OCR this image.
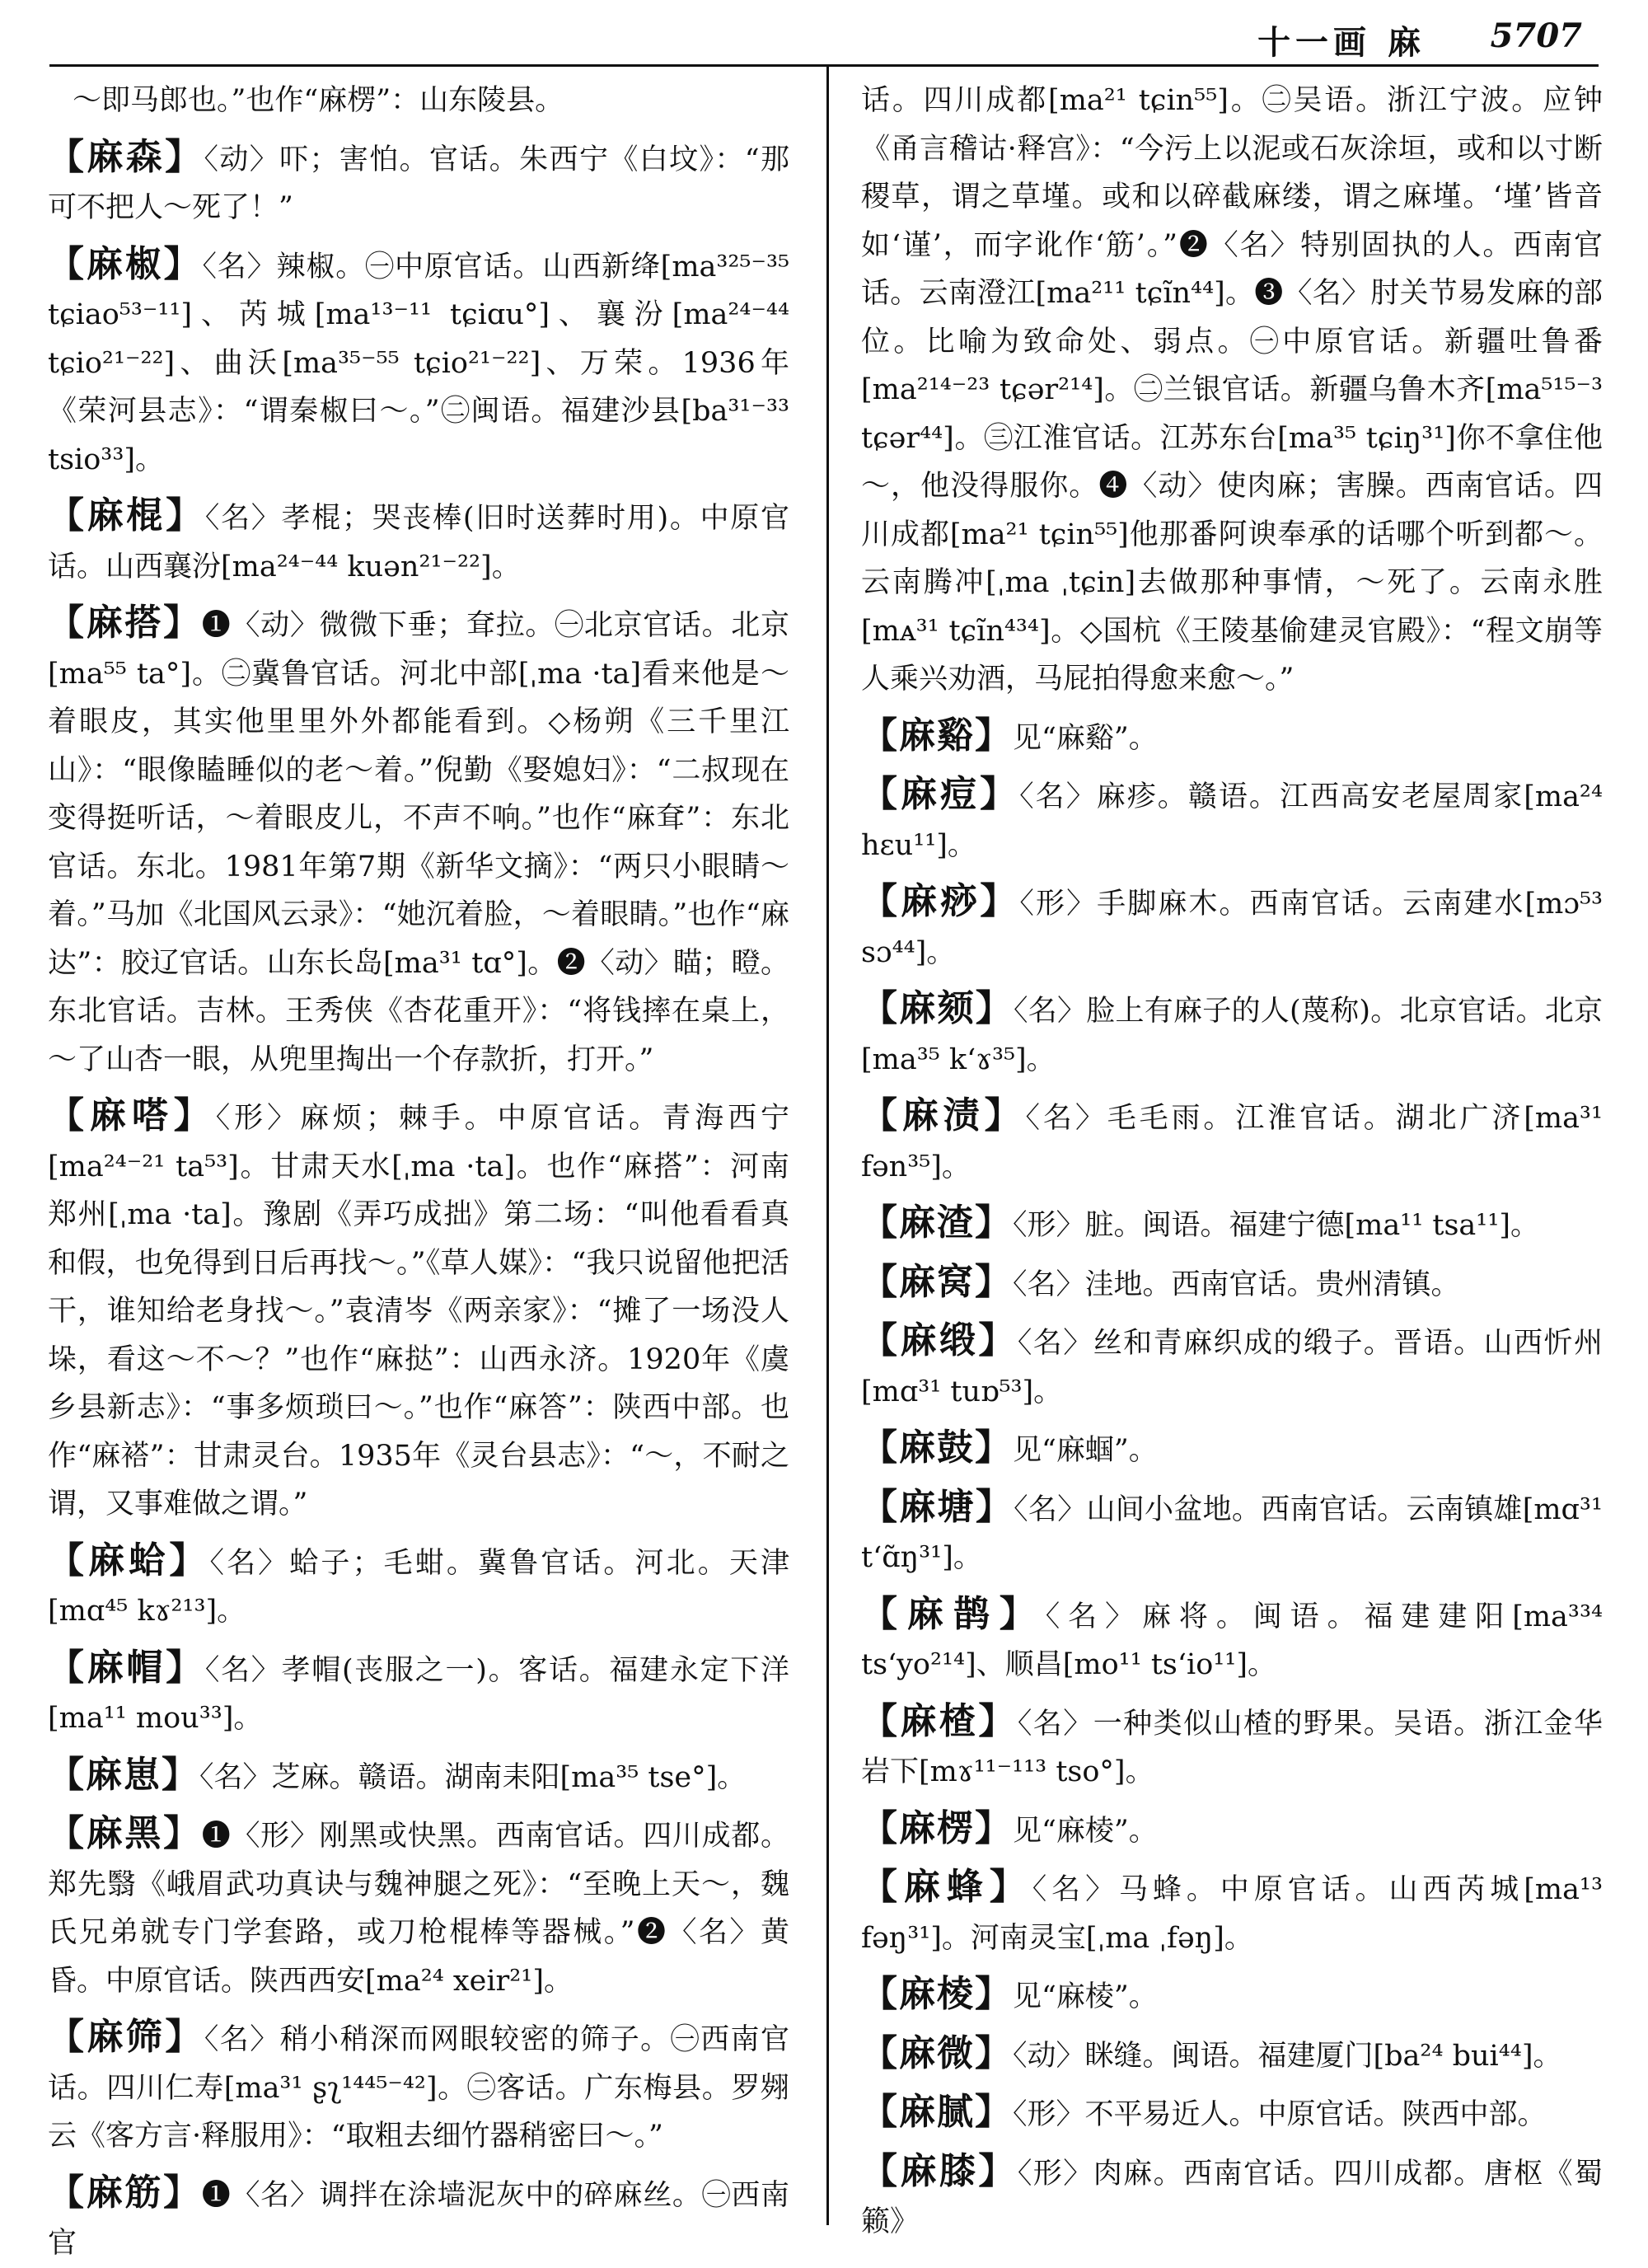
十一画 麻 5707

～即马郎也。”也作“麻楞”：山东陵县。

【麻森】〈动〉吓；害怕。官话。朱西宁《白坟》：“那可不把人～死了！”

【麻椒】〈名〉辣椒。㊀中原官话。山西新绛[ma³²⁵⁻³⁵ tɕiao⁵³⁻¹¹]、芮城[ma¹³⁻¹¹ tɕiɑu°]、襄汾[ma²⁴⁻⁴⁴ tɕio²¹⁻²²]、曲沃[ma³⁵⁻⁵⁵ tɕio²¹⁻²²]、万荣。1936年《荣河县志》：“谓秦椒曰～。”㊁闽语。福建沙县[ba³¹⁻³³ tsio³³]。

【麻棍】〈名〉孝棍；哭丧棒(旧时送葬时用)。中原官话。山西襄汾[ma²⁴⁻⁴⁴ kuən²¹⁻²²]。

【麻搭】❶〈动〉微微下垂；耷拉。㊀北京官话。北京[ma⁵⁵ ta°]。㊁冀鲁官话。河北中部[ˌma ·ta]看来他是～着眼皮，其实他里里外外都能看到。◇杨朔《三千里江山》：“眼像瞌睡似的老～着。”倪勤《娶媳妇》：“二叔现在变得挺听话，～着眼皮儿，不声不响。”也作“麻耷”：东北官话。东北。1981年第7期《新华文摘》：“两只小眼睛～着。”马加《北国风云录》：“她沉着脸，～着眼睛。”也作“麻达”：胶辽官话。山东长岛[ma³¹ tɑ°]。❷〈动〉瞄；瞪。东北官话。吉林。王秀侠《杏花重开》：“将钱摔在桌上，～了山杏一眼，从兜里掏出一个存款折，打开。”

【麻嗒】〈形〉麻烦；棘手。中原官话。青海西宁[ma²⁴⁻²¹ ta⁵³]。甘肃天水[ˌma ·ta]。也作“麻搭”：河南郑州[ˌma ·ta]。豫剧《弄巧成拙》第二场：“叫他看看真和假，也免得到日后再找～。”《草人媒》：“我只说留他把活干，谁知给老身找～。”袁清岑《两亲家》：“摊了一场没人垛，看这～不～？”也作“麻挞”：山西永济。1920年《虞乡县新志》：“事多烦琐曰～。”也作“麻答”：陕西中部。也作“麻褡”：甘肃灵台。1935年《灵台县志》：“～，不耐之谓，又事难做之谓。”

【麻蛤】〈名〉蛤子；毛蚶。冀鲁官话。河北。天津[mɑ⁴⁵ kɤ²¹³]。

【麻帽】〈名〉孝帽(丧服之一)。客话。福建永定下洋[ma¹¹ mou³³]。

【麻崽】〈名〉芝麻。赣语。湖南耒阳[ma³⁵ tse°]。

【麻黑】❶〈形〉刚黑或快黑。西南官话。四川成都。郑先翳《峨眉武功真诀与魏神腿之死》：“至晚上天～，魏氏兄弟就专门学套路，或刀枪棍棒等器械。”❷〈名〉黄昏。中原官话。陕西西安[ma²⁴ xeir²¹]。

【麻筛】〈名〉稍小稍深而网眼较密的筛子。㊀西南官话。四川仁寿[ma³¹ ʂʅ¹⁴⁴⁵⁻⁴²]。㊁客话。广东梅县。罗翙云《客方言·释服用》：“取粗去细竹器稍密曰～。”

【麻筋】❶〈名〉调拌在涂墙泥灰中的碎麻丝。㊀西南官

话。四川成都[ma²¹ tɕin⁵⁵]。㊁吴语。浙江宁波。应钟《甬言稽诂·释宫》：“今污上以泥或石灰涂垣，或和以寸断稷草，谓之草墐。或和以碎截麻缕，谓之麻墐。‘墐’皆音如‘谨’，而字讹作‘筋’。”❷〈名〉特别固执的人。西南官话。云南澄江[ma²¹¹ tɕĩn⁴⁴]。❸〈名〉肘关节易发麻的部位。比喻为致命处、弱点。㊀中原官话。新疆吐鲁番[ma²¹⁴⁻²³ tɕər²¹⁴]。㊁兰银官话。新疆乌鲁木齐[ma⁵¹⁵⁻³ tɕər⁴⁴]。㊂江淮官话。江苏东台[ma³⁵ tɕiŋ³¹]你不拿住他～，他没得服你。❹〈动〉使肉麻；害臊。西南官话。四川成都[ma²¹ tɕin⁵⁵]他那番阿谀奉承的话哪个听到都～。云南腾冲[ˌma ˌtɕin]去做那种事情，～死了。云南永胜[mᴀ³¹ tɕĩn⁴³⁴]。◇国杭《王陵基偷建灵官殿》：“程文崩等人乘兴劝酒，马屁拍得愈来愈～。”

【麻谿】见“麻谿”。

【麻痘】〈名〉麻疹。赣语。江西高安老屋周家[ma²⁴ hɛu¹¹]。

【麻痧】〈形〉手脚麻木。西南官话。云南建水[mɔ⁵³ sɔ⁴⁴]。

【麻颏】〈名〉脸上有麻子的人(蔑称)。北京官话。北京[ma³⁵ k‘ɤ³⁵]。

【麻渍】〈名〉毛毛雨。江淮官话。湖北广济[ma³¹ fən³⁵]。

【麻渣】〈形〉脏。闽语。福建宁德[ma¹¹ tsa¹¹]。

【麻窝】〈名〉洼地。西南官话。贵州清镇。

【麻缎】〈名〉丝和青麻织成的缎子。晋语。山西忻州[mɑ³¹ tuɒ⁵³]。

【麻鼓】见“麻蝈”。

【麻塘】〈名〉山间小盆地。西南官话。云南镇雄[mɑ³¹ t‘ɑ̃ŋ³¹]。

【麻鹊】〈名〉麻将。闽语。福建建阳[ma³³⁴ ts‘yo²¹⁴]、顺昌[mo¹¹ ts‘io¹¹]。

【麻楂】〈名〉一种类似山楂的野果。吴语。浙江金华岩下[mɤ¹¹⁻¹¹³ tso°]。

【麻楞】见“麻棱”。

【麻蜂】〈名〉马蜂。中原官话。山西芮城[ma¹³ fəŋ³¹]。河南灵宝[ˌma ˌfəŋ]。

【麻棱】见“麻棱”。

【麻微】〈动〉眯缝。闽语。福建厦门[ba²⁴ bui⁴⁴]。

【麻腻】〈形〉不平易近人。中原官话。陕西中部。

【麻膝】〈形〉肉麻。西南官话。四川成都。唐枢《蜀籁》
